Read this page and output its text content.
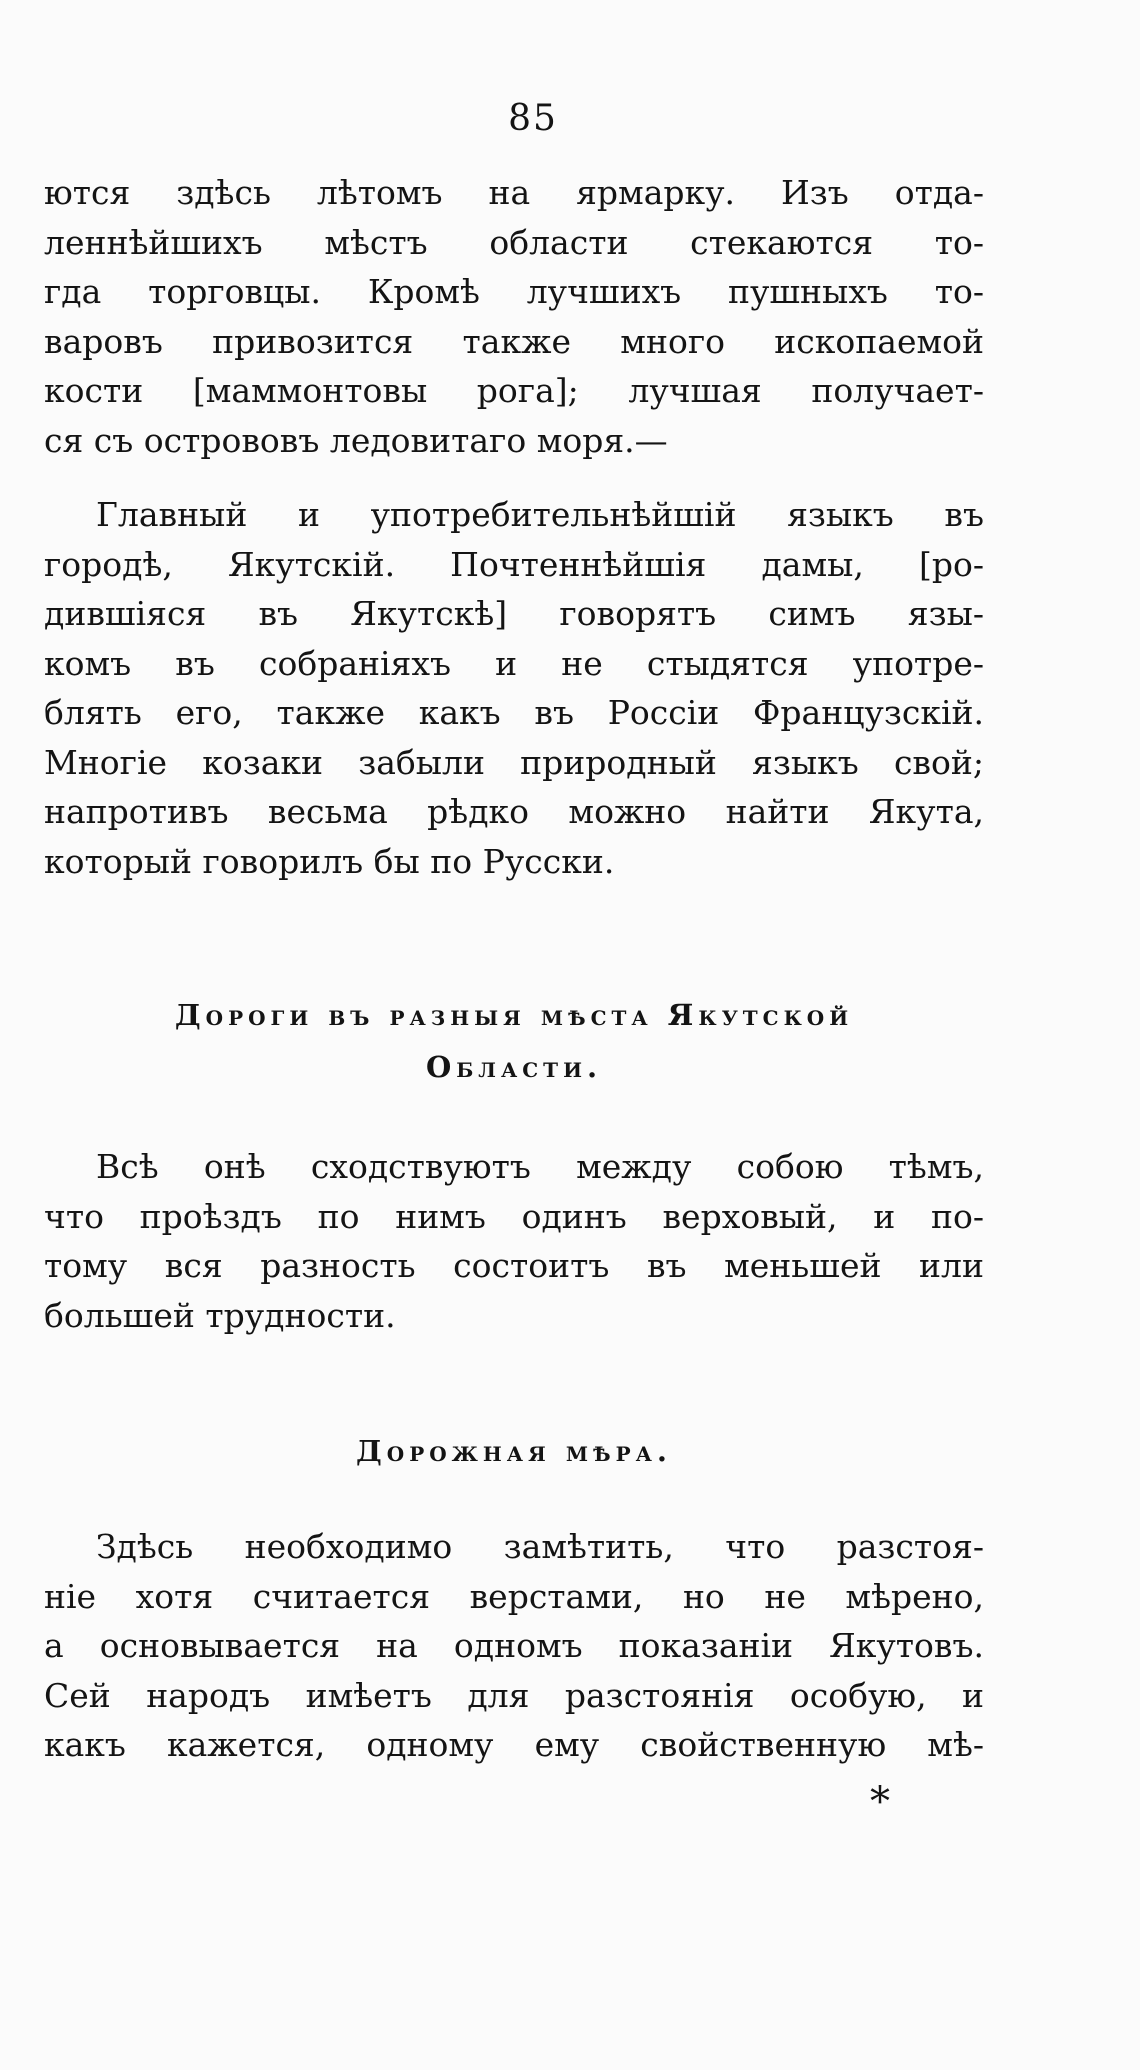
85
ются здѣсь лѣтомъ на ярмарку. Изъ отда-
леннѣйшихъ мѣстъ области стекаются то-
гда торговцы. Кромѣ лучшихъ пушныхъ то-
варовъ привозится также много ископаемой
кости [маммонтовы рога]; лучшая получает-
ся съ острововъ ледовитаго моря.—
Главный и употребительнѣйшій языкъ въ
городѣ, Якутскій. Почтеннѣйшія дамы, [ро-
дившіяся въ Якутскѣ] говорятъ симъ язы-
комъ въ собраніяхъ и не стыдятся употре-
блять его, также какъ въ Россіи Французскій.
Многіе козаки забыли природный языкъ свой;
напротивъ весьма рѣдко можно найти Якута,
который говорилъ бы по Русски.
Дороги въ разныя мѣста Якутской
Области.
Всѣ онѣ сходствуютъ между собою тѣмъ,
что проѣздъ по нимъ одинъ верховый, и по-
тому вся разность состоитъ въ меньшей или
большей трудности.
Дорожная мѣра.
Здѣсь необходимо замѣтить, что разстоя-
ніе хотя считается верстами, но не мѣрено,
а основывается на одномъ показаніи Якутовъ.
Сей народъ имѣетъ для разстоянія особую, и
какъ кажется, одному ему свойственную мѣ-
*
